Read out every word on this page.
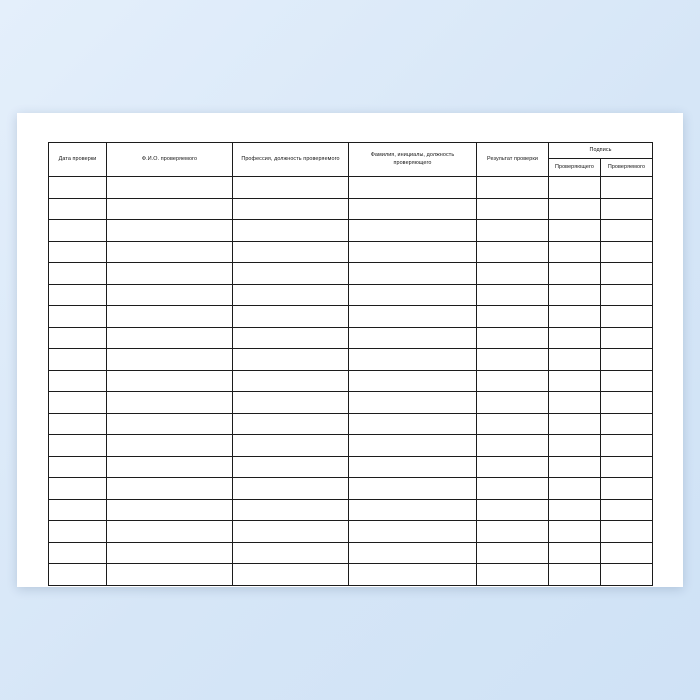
Дата проверки	Ф.И.О. проверяемого	Профессия, должность проверяемого	Фамилия, инициалы, должность проверяющего	Результат проверки	Подпись	

					Проверяющего	Проверяемого
